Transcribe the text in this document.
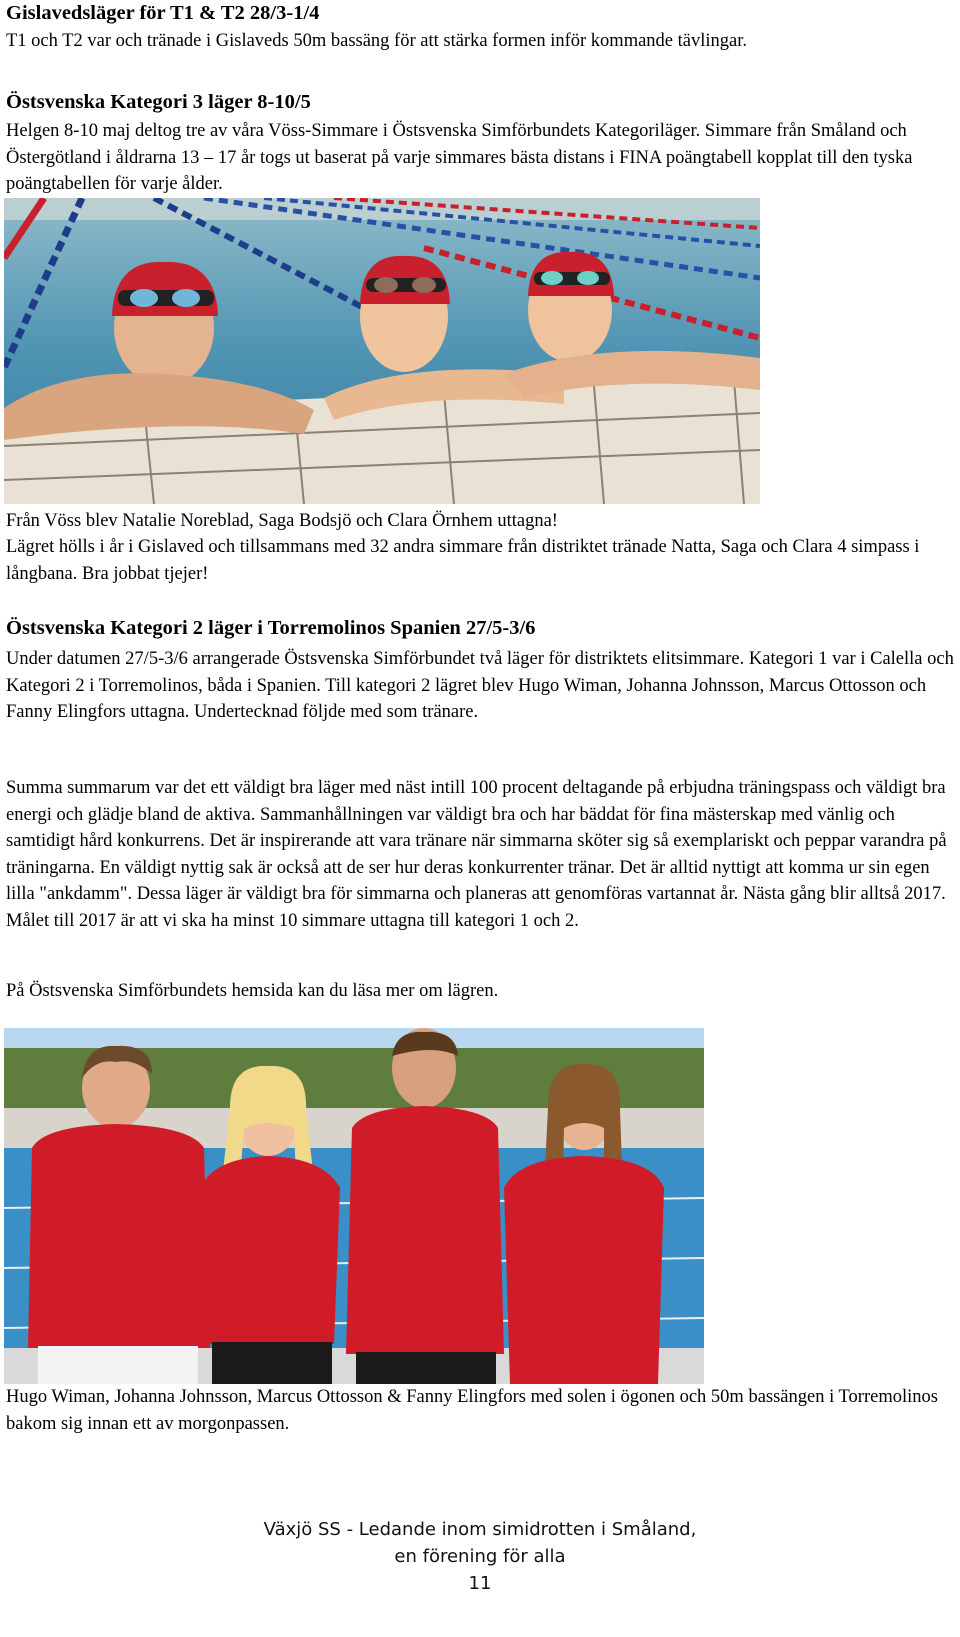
Gislavedsläger för T1 & T2 28/3-1/4
T1 och T2 var och tränade i Gislaveds 50m bassäng för att stärka formen inför kommande tävlingar.
Östsvenska Kategori 3 läger 8-10/5
Helgen 8-10 maj deltog tre av våra Vöss-Simmare i Östsvenska Simförbundets Kategoriläger. Simmare från Småland och Östergötland i åldrarna 13 – 17 år togs ut baserat på varje simmares bästa distans i FINA poängtabell kopplat till den tyska poängtabellen för varje ålder.
Från Vöss blev Natalie Noreblad, Saga Bodsjö och Clara Örnhem uttagna!
Lägret hölls i år i Gislaved och tillsammans med 32 andra simmare från distriktet tränade Natta, Saga och Clara 4 simpass i långbana. Bra jobbat tjejer!
Östsvenska Kategori 2 läger i Torremolinos Spanien 27/5-3/6
Under datumen 27/5-3/6 arrangerade Östsvenska Simförbundet två läger för distriktets elitsimmare. Kategori 1 var i Calella och Kategori 2 i Torremolinos, båda i Spanien. Till kategori 2 lägret blev Hugo Wiman, Johanna Johnsson, Marcus Ottosson och Fanny Elingfors uttagna. Undertecknad följde med som tränare.
Summa summarum var det ett väldigt bra läger med näst intill 100 procent deltagande på erbjudna träningspass och väldigt bra energi och glädje bland de aktiva. Sammanhållningen var väldigt bra och har bäddat för fina mästerskap med vänlig och samtidigt hård konkurrens. Det är inspirerande att vara tränare när simmarna sköter sig så exemplariskt och peppar varandra på träningarna. En väldigt nyttig sak är också att de ser hur deras konkurrenter tränar. Det är alltid nyttigt att komma ur sin egen lilla "ankdamm". Dessa läger är väldigt bra för simmarna och planeras att genomföras vartannat år. Nästa gång blir alltså 2017. Målet till 2017 är att vi ska ha minst 10 simmare uttagna till kategori 1 och 2.
På Östsvenska Simförbundets hemsida kan du läsa mer om lägren.
Hugo Wiman, Johanna Johnsson, Marcus Ottosson & Fanny Elingfors med solen i ögonen och 50m bassängen i Torremolinos bakom sig innan ett av morgonpassen.
Växjö SS - Ledande inom simidrotten i Småland,
en förening för alla
11
